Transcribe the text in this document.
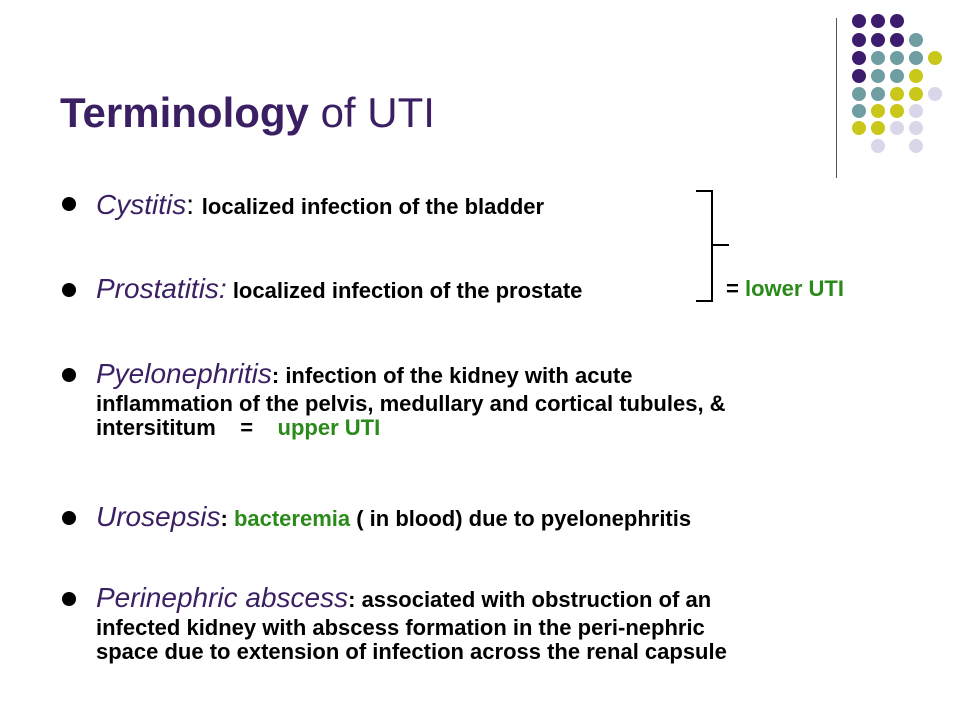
Terminology of UTI
Cystitis: localized infection of the bladder
Prostatitis: localized infection of the prostate	= lower UTI
Pyelonephritis: infection of the kidney with acute
inflammation of the pelvis, medullary and cortical tubules, &
intersititum    =    upper UTI
Urosepsis: bacteremia ( in blood) due to pyelonephritis
Perinephric abscess: associated with obstruction of an
infected kidney with abscess formation in the peri-nephric
space due to extension of infection across the renal capsule
